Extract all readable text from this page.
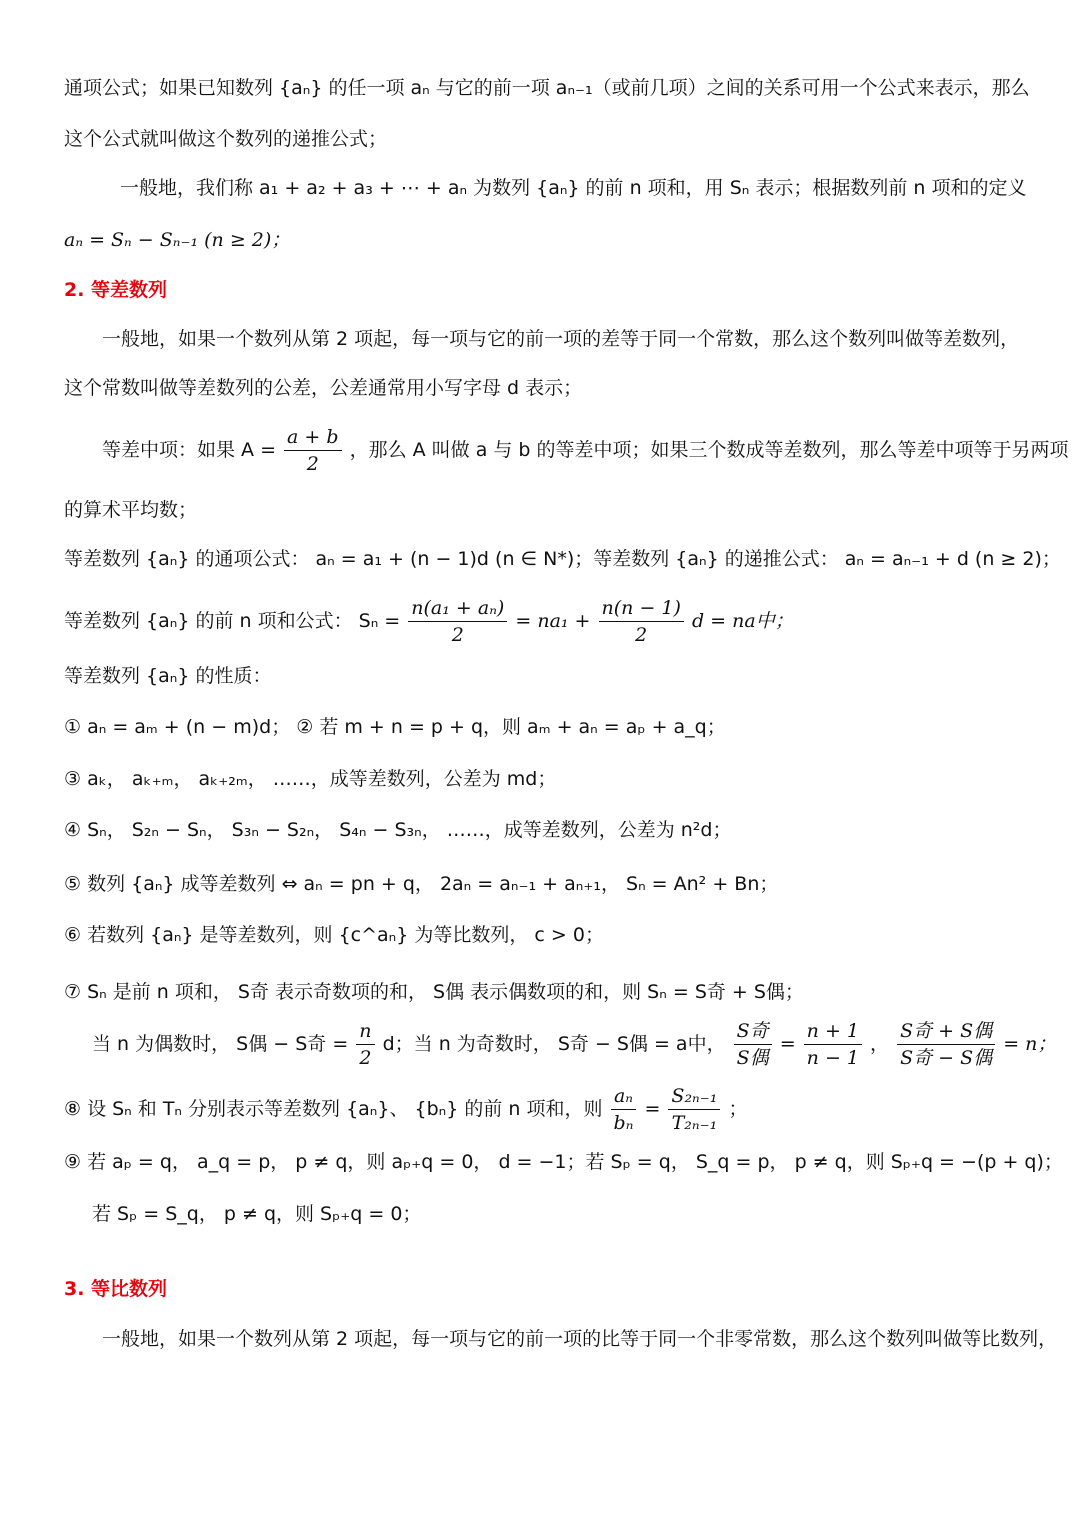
通项公式；如果已知数列 {aₙ} 的任一项 aₙ 与它的前一项 aₙ₋₁（或前几项）之间的关系可用一个公式来表示，那么
这个公式就叫做这个数列的递推公式；
一般地，我们称 a₁ + a₂ + a₃ + ⋯ + aₙ 为数列 {aₙ} 的前 n 项和，用 Sₙ 表示；根据数列前 n 项和的定义
aₙ = Sₙ − Sₙ₋₁ (n ≥ 2)；
2. 等差数列
一般地，如果一个数列从第 2 项起，每一项与它的前一项的差等于同一个常数，那么这个数列叫做等差数列，
这个常数叫做等差数列的公差，公差通常用小写字母 d 表示；
等差中项：如果 $A = \frac{a + b}{2}$ ，那么 A 叫做 a 与 b 的等差中项；如果三个数成等差数列，那么等差中项等于另两项
的算术平均数；
等差数列 {aₙ} 的通项公式： aₙ = a₁ + (n − 1)d (n ∈ N*)；等差数列 {aₙ} 的递推公式： aₙ = aₙ₋₁ + d (n ≥ 2)；
等差数列 {aₙ} 的前 n 项和公式： $S_n = \frac{\text{n(a₁ + aₙ)}}{2} = na_1 + \frac{n(n - 1)}{2}$ d = na中；
等差数列 {aₙ} 的性质：
① aₙ = aₘ + (n − m)d； ② 若 m + n = p + q，则 aₘ + aₙ = aₚ + a_q；
③ aₖ， aₖ₊ₘ， aₖ₊₂ₘ， ……，成等差数列，公差为 md；
④ Sₙ， S₂ₙ − Sₙ， S₃ₙ − S₂ₙ， S₄ₙ − S₃ₙ， ……，成等差数列，公差为 n²d；
⑤ 数列 {aₙ} 成等差数列 ⇔ aₙ = pn + q， 2aₙ = aₙ₋₁ + aₙ₊₁， Sₙ = An² + Bn；
⑥ 若数列 {aₙ} 是等差数列，则 {c^aₙ} 为等比数列， c > 0；
⑦ Sₙ 是前 n 项和， S奇 表示奇数项的和， S偶 表示偶数项的和，则 Sₙ = S奇 + S偶；
当 n 为偶数时， S偶 − S奇 = $\frac{n}{2}$ d；当 n 为奇数时， S奇 − S偶 = a中， $\frac{\text{S奇}}{\text{S偶}} = \frac{n + 1}{n - 1}$ ， $\frac{\text{S奇 + S偶}}{\text{S奇 − S偶}} = n$；
⑧ 设 Sₙ 和 Tₙ 分别表示等差数列 {aₙ}、 {bₙ} 的前 n 项和，则 $\frac{\text{aₙ}}{\text{bₙ}} = \frac{\text{S₂ₙ₋₁}}{\text{T₂ₙ₋₁}}$ ；
⑨ 若 aₚ = q， a_q = p， p ≠ q，则 aₚ₊q = 0， d = −1；若 Sₚ = q， S_q = p， p ≠ q，则 Sₚ₊q = −(p + q)；
若 Sₚ = S_q， p ≠ q，则 Sₚ₊q = 0；
3. 等比数列
一般地，如果一个数列从第 2 项起，每一项与它的前一项的比等于同一个非零常数，那么这个数列叫做等比数列，
